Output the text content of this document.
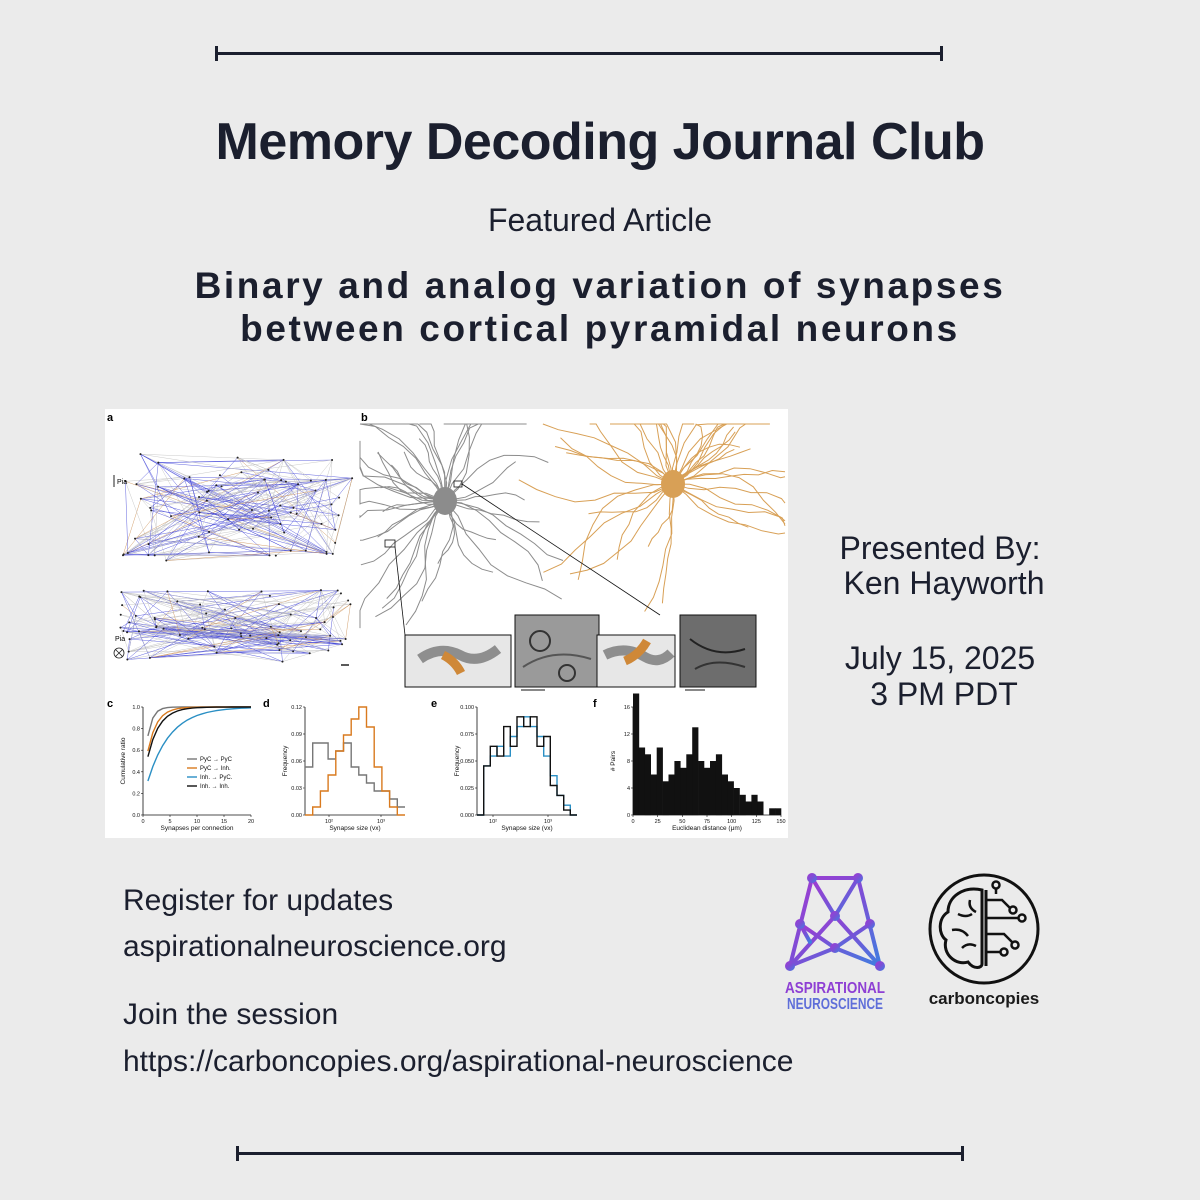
Memory Decoding Journal Club
Featured Article
Binary and analog variation of synapses
between cortical pyramidal neurons
a
Pia
Pia
b
c
0.0
0.2
0.4
0.6
0.8
1.0
0	5	10	15	20
Synapses per connection
Cumulative ratio	PyC → PyC
PyC → Inh.
Inh. → PyC.
Inh. → Inh.
d
0.00
0.03
0.06
0.09
0.12
10²	10³
Synapse size (vx)
Frequency
e
0.000
0.025
0.050
0.075
0.100
10²	10³
Synapse size (vx)
Frequency
f
0
4
8
12
16
0	25	50	75	100	125	150
Euclidean distance (μm)
# Pairs
Presented By:
Ken Hayworth
July 15, 2025
3 PM PDT
Register for updates
aspirationalneuroscience.org
Join the session
https://carboncopies.org/aspirational-neuroscience
ASPIRATIONAL
NEUROSCIENCE	carboncopies
